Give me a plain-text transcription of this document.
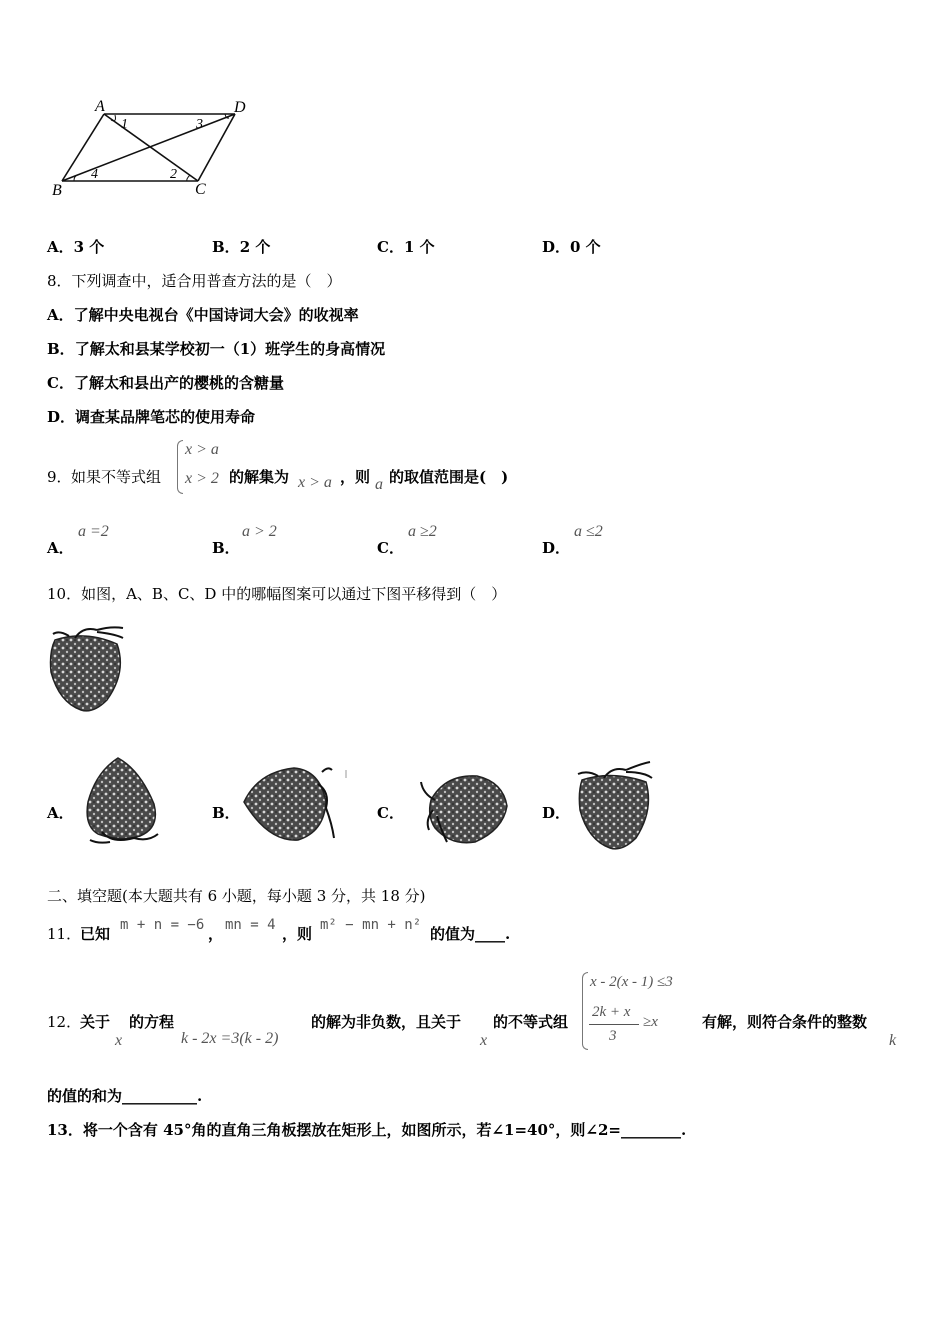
A	D
B	C
1	3
2
4
A．3 个	B．2 个	C．1 个	D．0 个
8．下列调查中，适合用普查方法的是（　）
A．了解中央电视台《中国诗词大会》的收视率
B．了解太和县某学校初一（1）班学生的身高情况
C．了解太和县出产的樱桃的含糖量
D．调查某品牌笔芯的使用寿命
9． 如果不等式组
x > a
x > 2 的解集为 x > a ，则 a 的取值范围是(　)
A．
a =2
B．
a > 2
C．
a ≥2
D．
a ≤2
10．如图，A、B、C、D 中的哪幅图案可以通过下图平移得到（　）
A．	B．	C．	D．
二、填空题(本大题共有 6 小题，每小题 3 分，共 18 分)
11．
已知 m + n = −6 ， mn = 4 ，则 m² − mn + n² 的值为____.
12．
关于
x
的方程
k - 2x =3(k - 2)
的解为非负数，且关于
x
的不等式组
x - 2(x - 1) ≤3
2k + x
3
≥x	有解，则符合条件的整数
k
的值的和为__________.
13．将一个含有 45°角的直角三角板摆放在矩形上，如图所示，若∠1=40°，则∠2=________.
